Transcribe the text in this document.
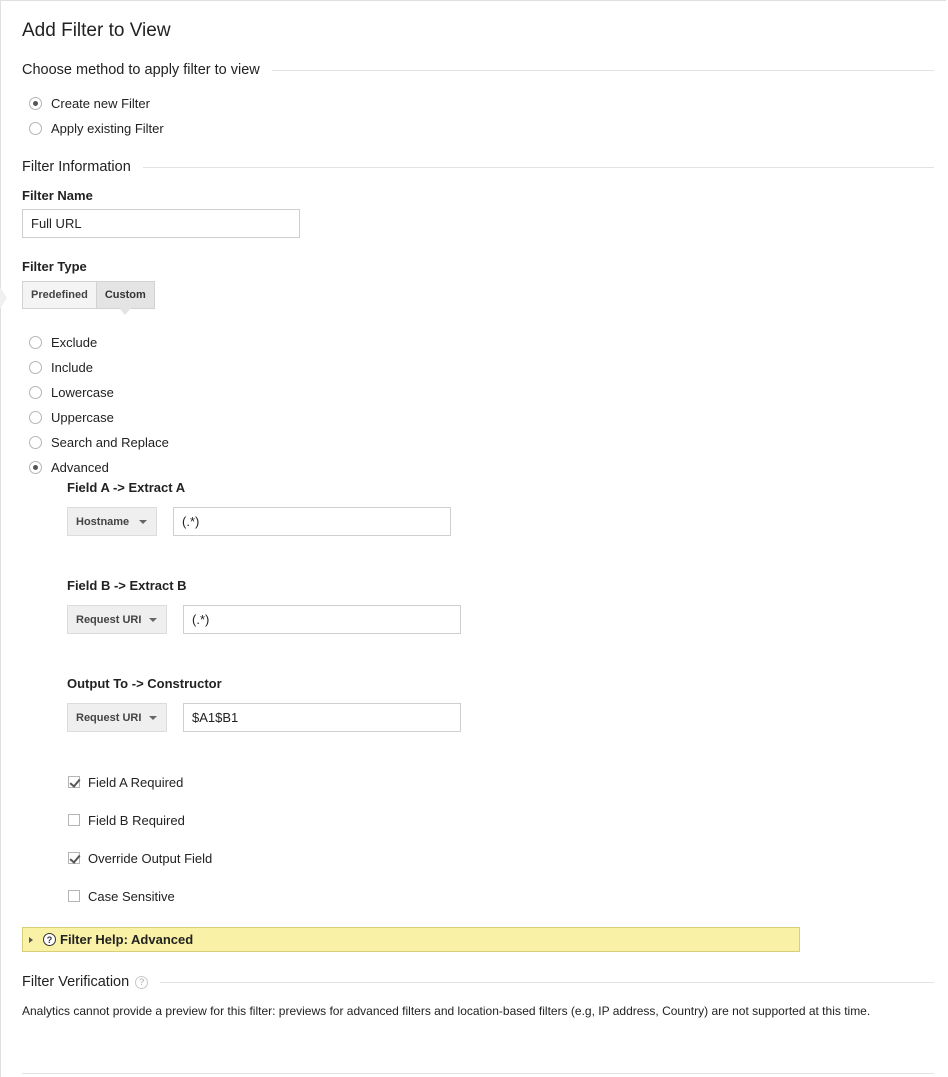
Add Filter to View
Choose method to apply filter to view
Create new Filter
Apply existing Filter
Filter Information
Filter Name
Full URL
Filter Type
Predefined	Custom
Exclude
Include
Lowercase
Uppercase
Search and Replace
Advanced
Field A -> Extract A
Hostname
(.*)
Field B -> Extract B
Request URI
(.*)
Output To -> Constructor
Request URI
$A1$B1
Field A Required
Field B Required
Override Output Field
Case Sensitive
? Filter Help: Advanced
Filter Verification	?
Analytics cannot provide a preview for this filter: previews for advanced filters and location-based filters (e.g, IP address, Country) are not supported at this time.
